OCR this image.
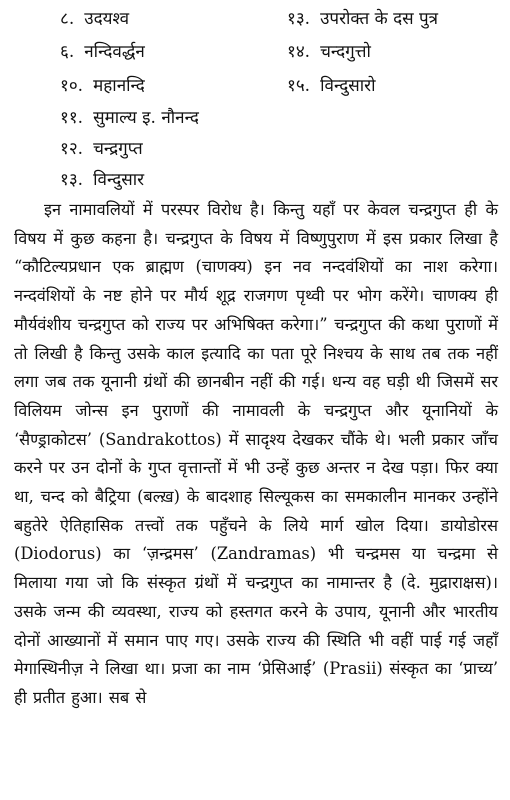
८. उदयश्व
६. नन्दिवर्द्धन
१०. महानन्दि
११. सुमाल्य इ. नौनन्द
१२. चन्द्रगुप्त
१३. विन्दुसार
१३. उपरोक्त के दस पुत्र
१४. चन्दगुत्तो
१५. विन्दुसारो

इन नामावलियों में परस्पर विरोध है। किन्तु यहाँ पर केवल चन्द्रगुप्त ही के विषय में कुछ कहना है। चन्द्रगुप्त के विषय में विष्णुपुराण में इस प्रकार लिखा है “कौटिल्यप्रधान एक ब्राह्मण (चाणक्य) इन नव नन्दवंशियों का नाश करेगा। नन्दवंशियों के नष्ट होने पर मौर्य शूद्र राजगण पृथ्वी पर भोग करेंगे। चाणक्य ही मौर्यवंशीय चन्द्रगुप्त को राज्य पर अभिषिक्त करेगा।” चन्द्रगुप्त की कथा पुराणों में तो लिखी है किन्तु उसके काल इत्यादि का पता पूरे निश्चय के साथ तब तक नहीं लगा जब तक यूनानी ग्रंथों की छानबीन नहीं की गई। धन्य वह घड़ी थी जिसमें सर विलियम जोन्स इन पुराणों की नामावली के चन्द्रगुप्त और यूनानियों के ‘सैण्ड्राकोटस’ (Sandrakottos) में सादृश्य देखकर चौंके थे। भली प्रकार जाँच करने पर उन दोनों के गुप्त वृत्तान्तों में भी उन्हें कुछ अन्तर न देख पड़ा। फिर क्या था, चन्द को बैट्रिया (बल्ख़) के बादशाह सिल्यूकस का समकालीन मानकर उन्होंने बहुतेरे ऐतिहासिक तत्त्वों तक पहुँचने के लिये मार्ग खोल दिया। डायोडोरस (Diodorus) का ‘ज़न्द्रमस’ (Zandramas) भी चन्द्रमस या चन्द्रमा से मिलाया गया जो कि संस्कृत ग्रंथों में चन्द्रगुप्त का नामान्तर है (दे. मुद्राराक्षस)। उसके जन्म की व्यवस्था, राज्य को हस्तगत करने के उपाय, यूनानी और भारतीय दोनों आख्यानों में समान पाए गए। उसके राज्य की स्थिति भी वहीं पाई गई जहाँ मेगास्थिनीज़ ने लिखा था। प्रजा का नाम ‘प्रेसिआई’ (Prasii) संस्कृत का ‘प्राच्य’ ही प्रतीत हुआ। सब से
